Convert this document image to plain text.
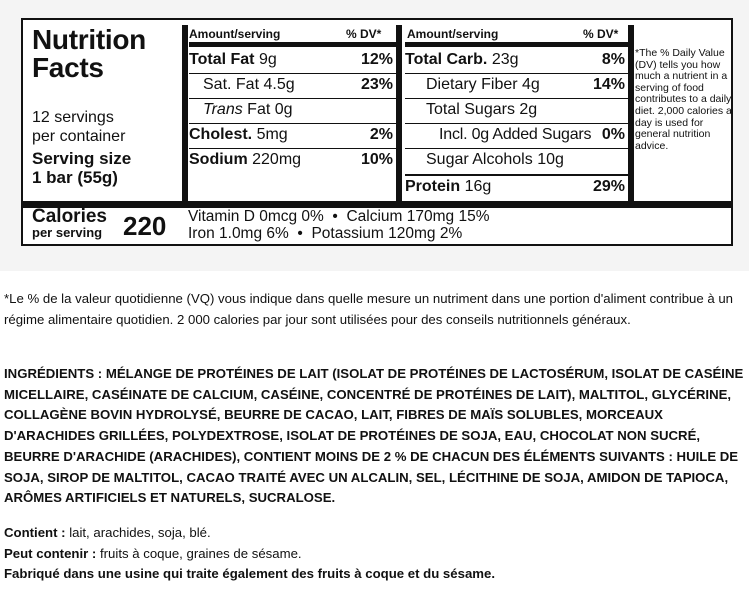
Nutrition
Facts
12 servings
per container
Serving size
1 bar (55g)
Amount/serving	% DV* Amount/serving	% DV*
Total Fat 9g	12%
Sat. Fat 4.5g	23%
Trans Fat 0g
Cholest. 5mg	2%
Sodium 220mg	10%
Total Carb. 23g	8%
Dietary Fiber 4g	14%
Total Sugars 2g
Incl. 0g Added Sugars 0%
Sugar Alcohols 10g
Protein 16g	29%
*The % Daily Value (DV) tells you how much a nutrient in a serving of food contributes to a daily diet. 2,000 calories a day is used for general nutrition advice.
Calories
per serving 220 Vitamin D 0mcg 0%  •  Calcium 170mg 15%
Iron 1.0mg 6%  •  Potassium 120mg 2%
*Le % de la valeur quotidienne (VQ) vous indique dans quelle mesure un nutriment dans une portion d'aliment contribue à un régime alimentaire quotidien. 2 000 calories par jour sont utilisées pour des conseils nutritionnels généraux.
INGRÉDIENTS : MÉLANGE DE PROTÉINES DE LAIT (ISOLAT DE PROTÉINES DE LACTOSÉRUM, ISOLAT DE CASÉINE MICELLAIRE, CASÉINATE DE CALCIUM, CASÉINE, CONCENTRÉ DE PROTÉINES DE LAIT), MALTITOL, GLYCÉRINE, COLLAGÈNE BOVIN HYDROLYSÉ, BEURRE DE CACAO, LAIT, FIBRES DE MAÏS SOLUBLES, MORCEAUX D'ARACHIDES GRILLÉES, POLYDEXTROSE, ISOLAT DE PROTÉINES DE SOJA, EAU, CHOCOLAT NON SUCRÉ, BEURRE D'ARACHIDE (ARACHIDES), CONTIENT MOINS DE 2 % DE CHACUN DES ÉLÉMENTS SUIVANTS : HUILE DE SOJA, SIROP DE MALTITOL, CACAO TRAITÉ AVEC UN ALCALIN, SEL, LÉCITHINE DE SOJA, AMIDON DE TAPIOCA, ARÔMES ARTIFICIELS ET NATURELS, SUCRALOSE.
Contient : lait, arachides, soja, blé.
Peut contenir : fruits à coque, graines de sésame.
Fabriqué dans une usine qui traite également des fruits à coque et du sésame.
